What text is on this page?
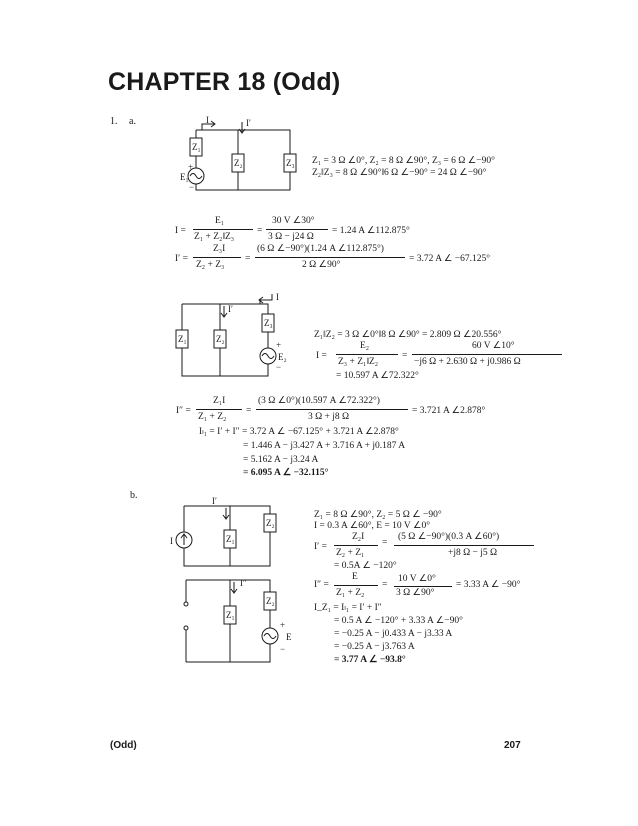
CHAPTER 18 (Odd)
1. a.
Z₁
Z₂	Z₃
I	I′
E₁
+
−
Z₁ = 3 Ω ∠0°, Z₂ = 8 Ω ∠90°, Z₃ = 6 Ω ∠−90°
Z₂‖Z₃ = 8 Ω ∠90°‖6 Ω ∠−90° = 24 Ω ∠−90°
I =
E₁
Z₁ + Z₂‖Z₃
=
30 V ∠30°
3 Ω − j24 Ω
= 1.24 A ∠112.875°
I′ =
Z₃I
Z₂ + Z₃
=
(6 Ω ∠−90°)(1.24 A ∠112.875°)
2 Ω ∠90°
= 3.72 A ∠ −67.125°
I
I′
Z₁	Z₂
Z₃
E₂
+
−
Z₁‖Z₂ = 3 Ω ∠0°‖8 Ω ∠90° = 2.809 Ω ∠20.556°
I =
E₂
Z₃ + Z₁‖Z₂
=
60 V ∠10°
−j6 Ω + 2.630 Ω + j0.986 Ω
= 10.597 A ∠72.322°
I″ =
Z₁I
Z₁ + Z₂
=
(3 Ω ∠0°)(10.597 A ∠72.322°)
3 Ω + j8 Ω
= 3.721 A ∠2.878°
Iₗ₁ = I′ + I″ = 3.72 A ∠ −67.125° + 3.721 A ∠2.878°
= 1.446 A − j3.427 A + 3.716 A + j0.187 A
= 5.162 A − j3.24 A
= 6.095 A ∠ −32.115°
b.
I
I′
Z₁
Z₂
I″
Z₁
Z₂
E
+
−
Z₁ = 8 Ω ∠90°, Z₂ = 5 Ω ∠ −90°
I = 0.3 A ∠60°, E = 10 V ∠0°
I′ =
Z₂I
Z₂ + Z₁
=
(5 Ω ∠−90°)(0.3 A ∠60°)
+j8 Ω − j5 Ω
= 0.5A ∠ −120°
I″ =
E
Z₁ + Z₂
=
10 V ∠0°
3 Ω ∠90°
= 3.33 A ∠ −90°
I_Z₁ = Iₗ₁ = I′ + I″
= 0.5 A ∠ −120° + 3.33 A ∠−90°
= −0.25 A − j0.433 A − j3.33 A
= −0.25 A − j3.763 A
= 3.77 A ∠ −93.8°
(Odd)	207
